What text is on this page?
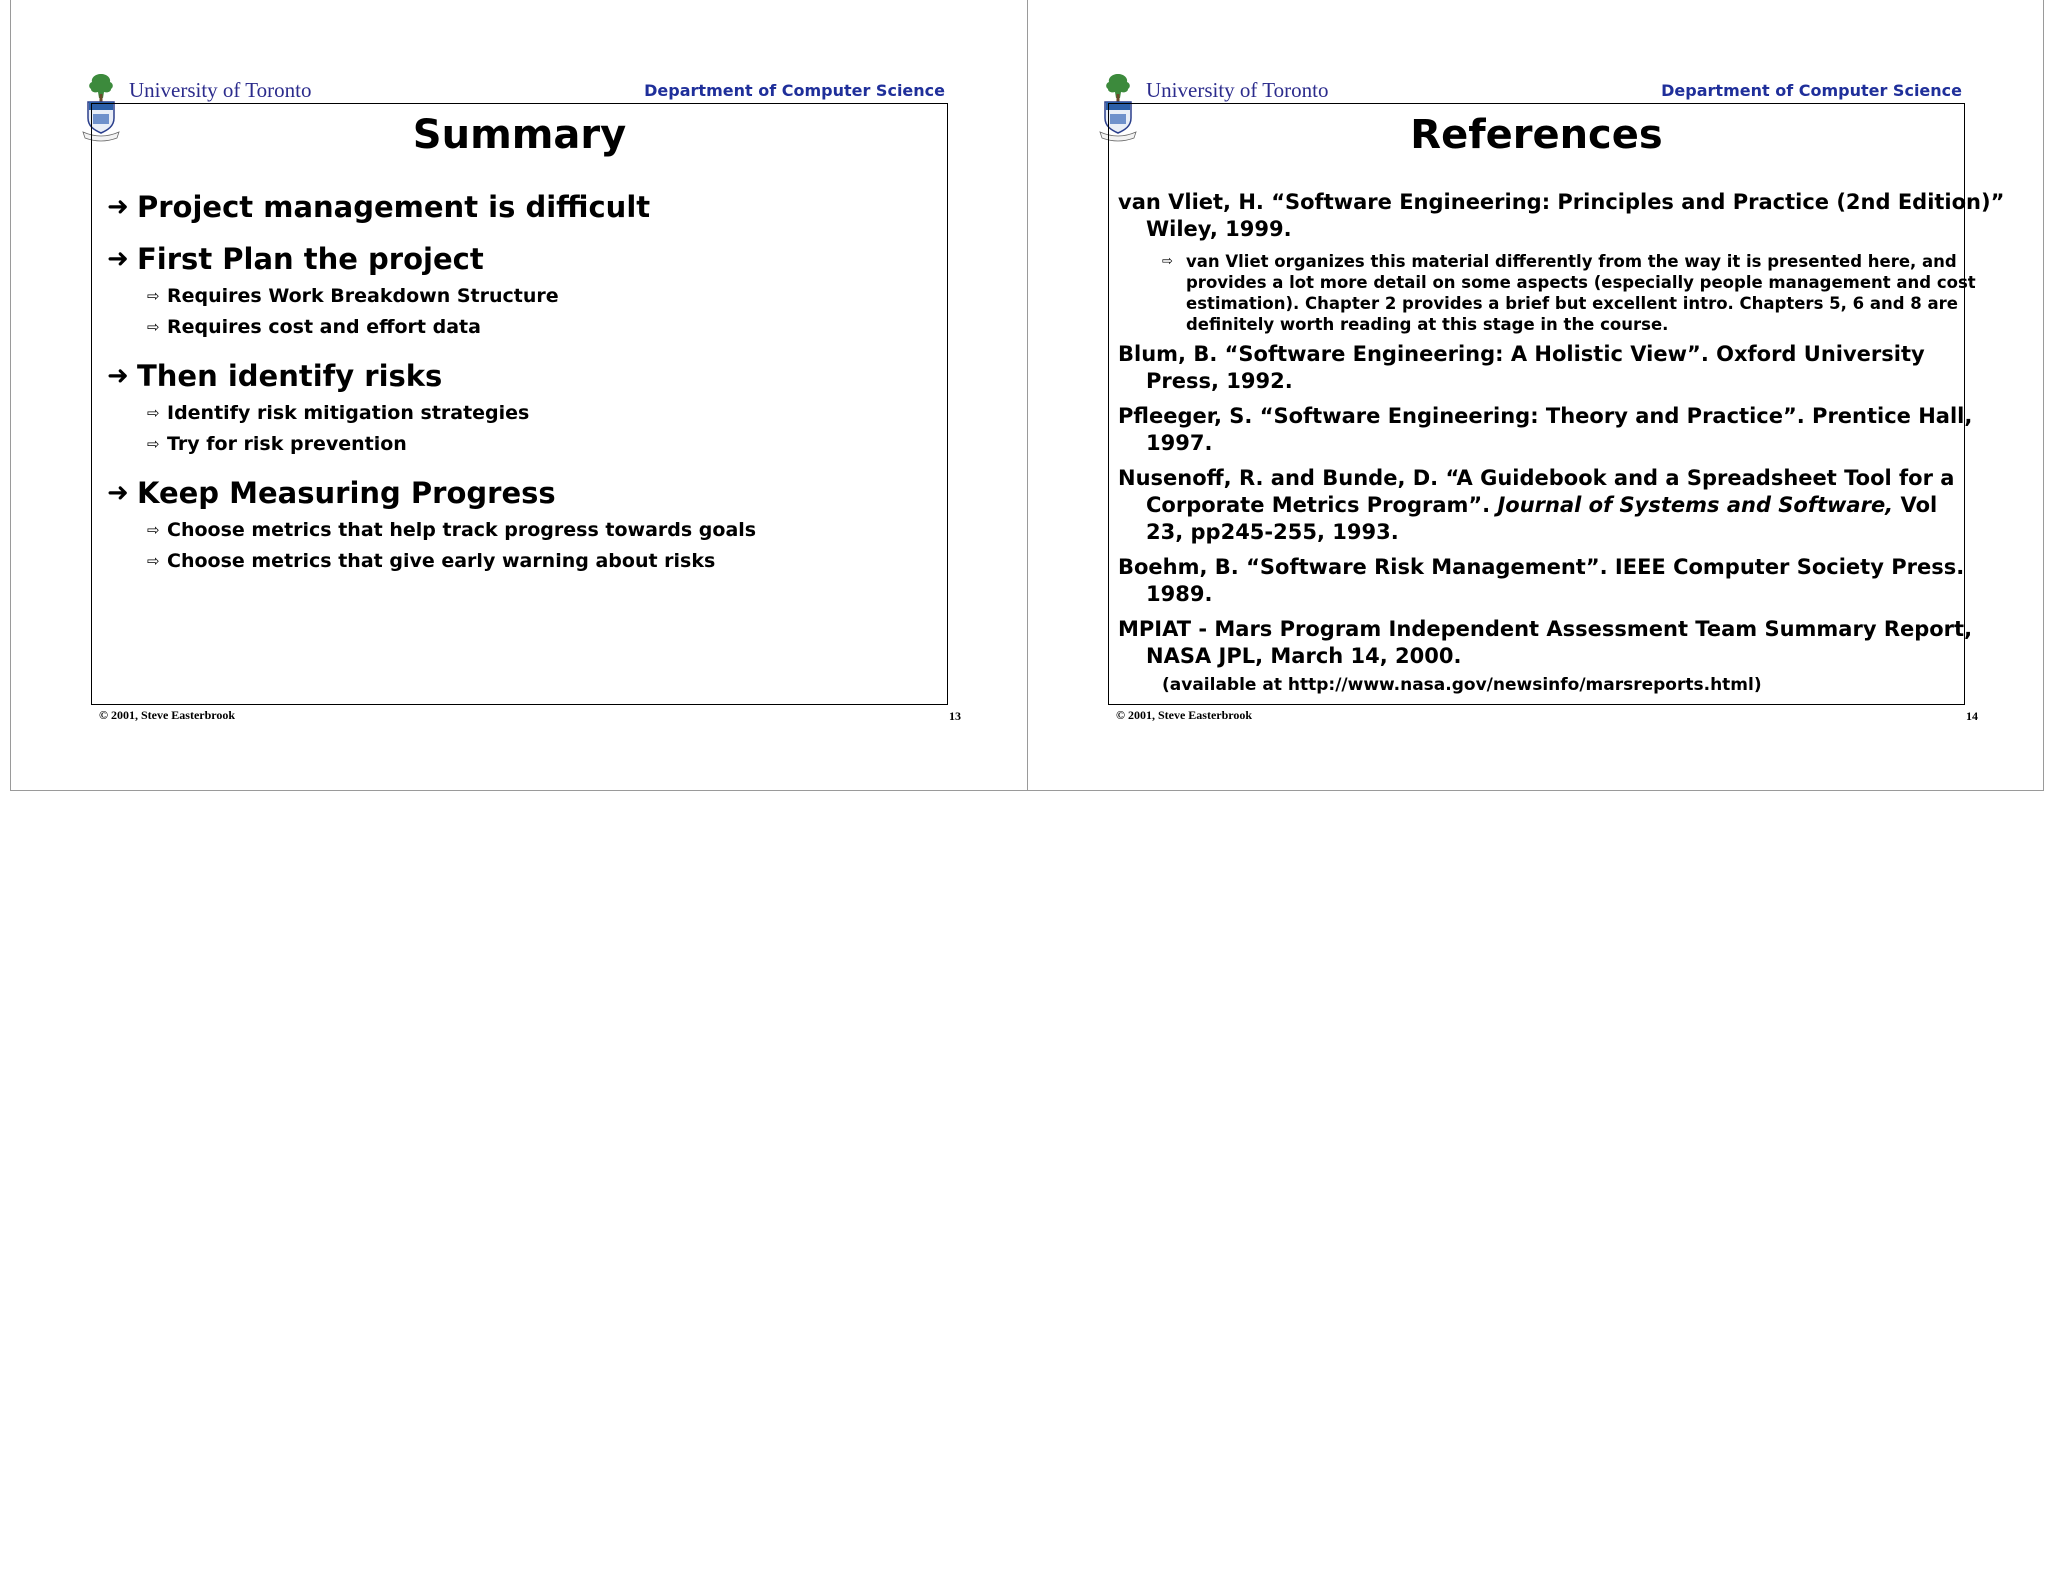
University of Toronto	Department of Computer Science
Summary
➜ Project management is difficult
➜ First Plan the project
⇨ Requires Work Breakdown Structure
⇨ Requires cost and effort data
➜ Then identify risks
⇨ Identify risk mitigation strategies
⇨ Try for risk prevention
➜ Keep Measuring Progress
⇨ Choose metrics that help track progress towards goals
⇨ Choose metrics that give early warning about risks
© 2001, Steve Easterbrook	13
University of Toronto	Department of Computer Science
References
van Vliet, H. “Software Engineering: Principles and Practice (2nd Edition)”
Wiley, 1999.
⇨ van Vliet organizes this material differently from the way it is presented here, and
provides a lot more detail on some aspects (especially people management and cost
estimation). Chapter 2 provides a brief but excellent intro. Chapters 5, 6 and 8 are
definitely worth reading at this stage in the course.
Blum, B. “Software Engineering: A Holistic View”. Oxford University
Press, 1992.
Pfleeger, S. “Software Engineering: Theory and Practice”. Prentice Hall,
1997.
Nusenoff, R. and Bunde, D. “A Guidebook and a Spreadsheet Tool for a
Corporate Metrics Program”. Journal of Systems and Software, Vol
23, pp245-255, 1993.
Boehm, B. “Software Risk Management”. IEEE Computer Society Press.
1989.
MPIAT - Mars Program Independent Assessment Team Summary Report,
NASA JPL, March 14, 2000.
(available at http://www.nasa.gov/newsinfo/marsreports.html)
© 2001, Steve Easterbrook	14
